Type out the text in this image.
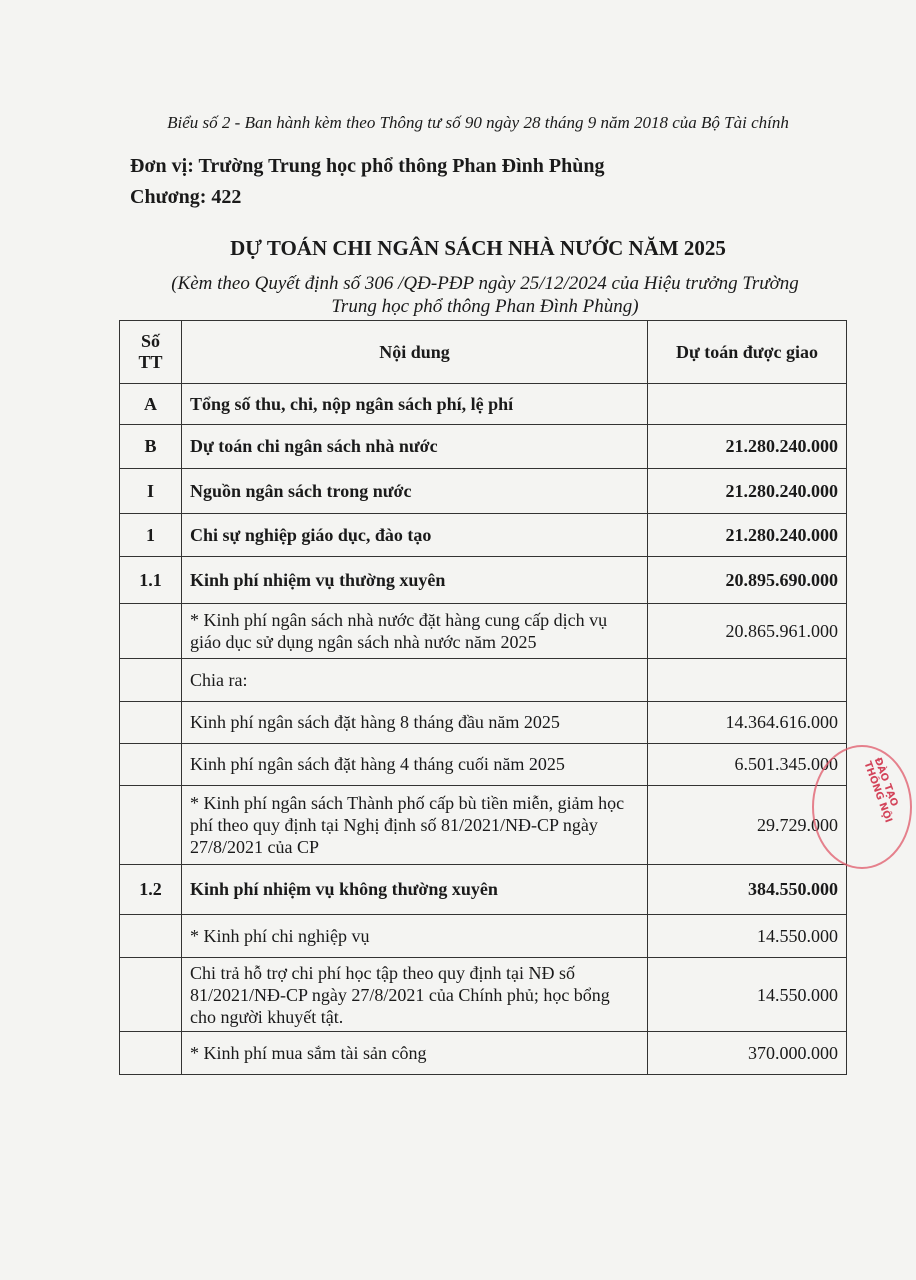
Biểu số 2 - Ban hành kèm theo Thông tư số 90 ngày 28 tháng 9 năm 2018 của Bộ Tài chính
Đơn vị: Trường Trung học phổ thông Phan Đình Phùng
Chương: 422
DỰ TOÁN CHI NGÂN SÁCH NHÀ NƯỚC NĂM 2025
(Kèm theo Quyết định số 306 /QĐ-PĐP ngày 25/12/2024 của Hiệu trưởng Trường
Trung học phổ thông Phan Đình Phùng)
Số TT	Nội dung	Dự toán được giao
A	Tổng số thu, chi, nộp ngân sách phí, lệ phí	
B	Dự toán chi ngân sách nhà nước	21.280.240.000
I	Nguồn ngân sách trong nước	21.280.240.000
1	Chi sự nghiệp giáo dục, đào tạo	21.280.240.000
1.1	Kinh phí nhiệm vụ thường xuyên	20.895.690.000
	* Kinh phí ngân sách nhà nước đặt hàng cung cấp dịch vụ giáo dục sử dụng ngân sách nhà nước năm 2025	20.865.961.000
	Chia ra:	
	Kinh phí ngân sách đặt hàng 8 tháng đầu năm 2025	14.364.616.000
	Kinh phí ngân sách đặt hàng 4 tháng cuối năm 2025	6.501.345.000
	* Kinh phí ngân sách Thành phố cấp bù tiền miễn, giảm học phí theo quy định tại Nghị định số 81/2021/NĐ-CP ngày 27/8/2021 của CP	29.729.000
1.2	Kinh phí nhiệm vụ không thường xuyên	384.550.000
	* Kinh phí chi nghiệp vụ	14.550.000
	Chi trả hỗ trợ chi phí học tập theo quy định tại NĐ số 81/2021/NĐ-CP ngày 27/8/2021 của Chính phủ; học bổng cho người khuyết tật.	14.550.000
	* Kinh phí mua sắm tài sản công	370.000.000
ĐÀO TẠO THÔNG NỘI
